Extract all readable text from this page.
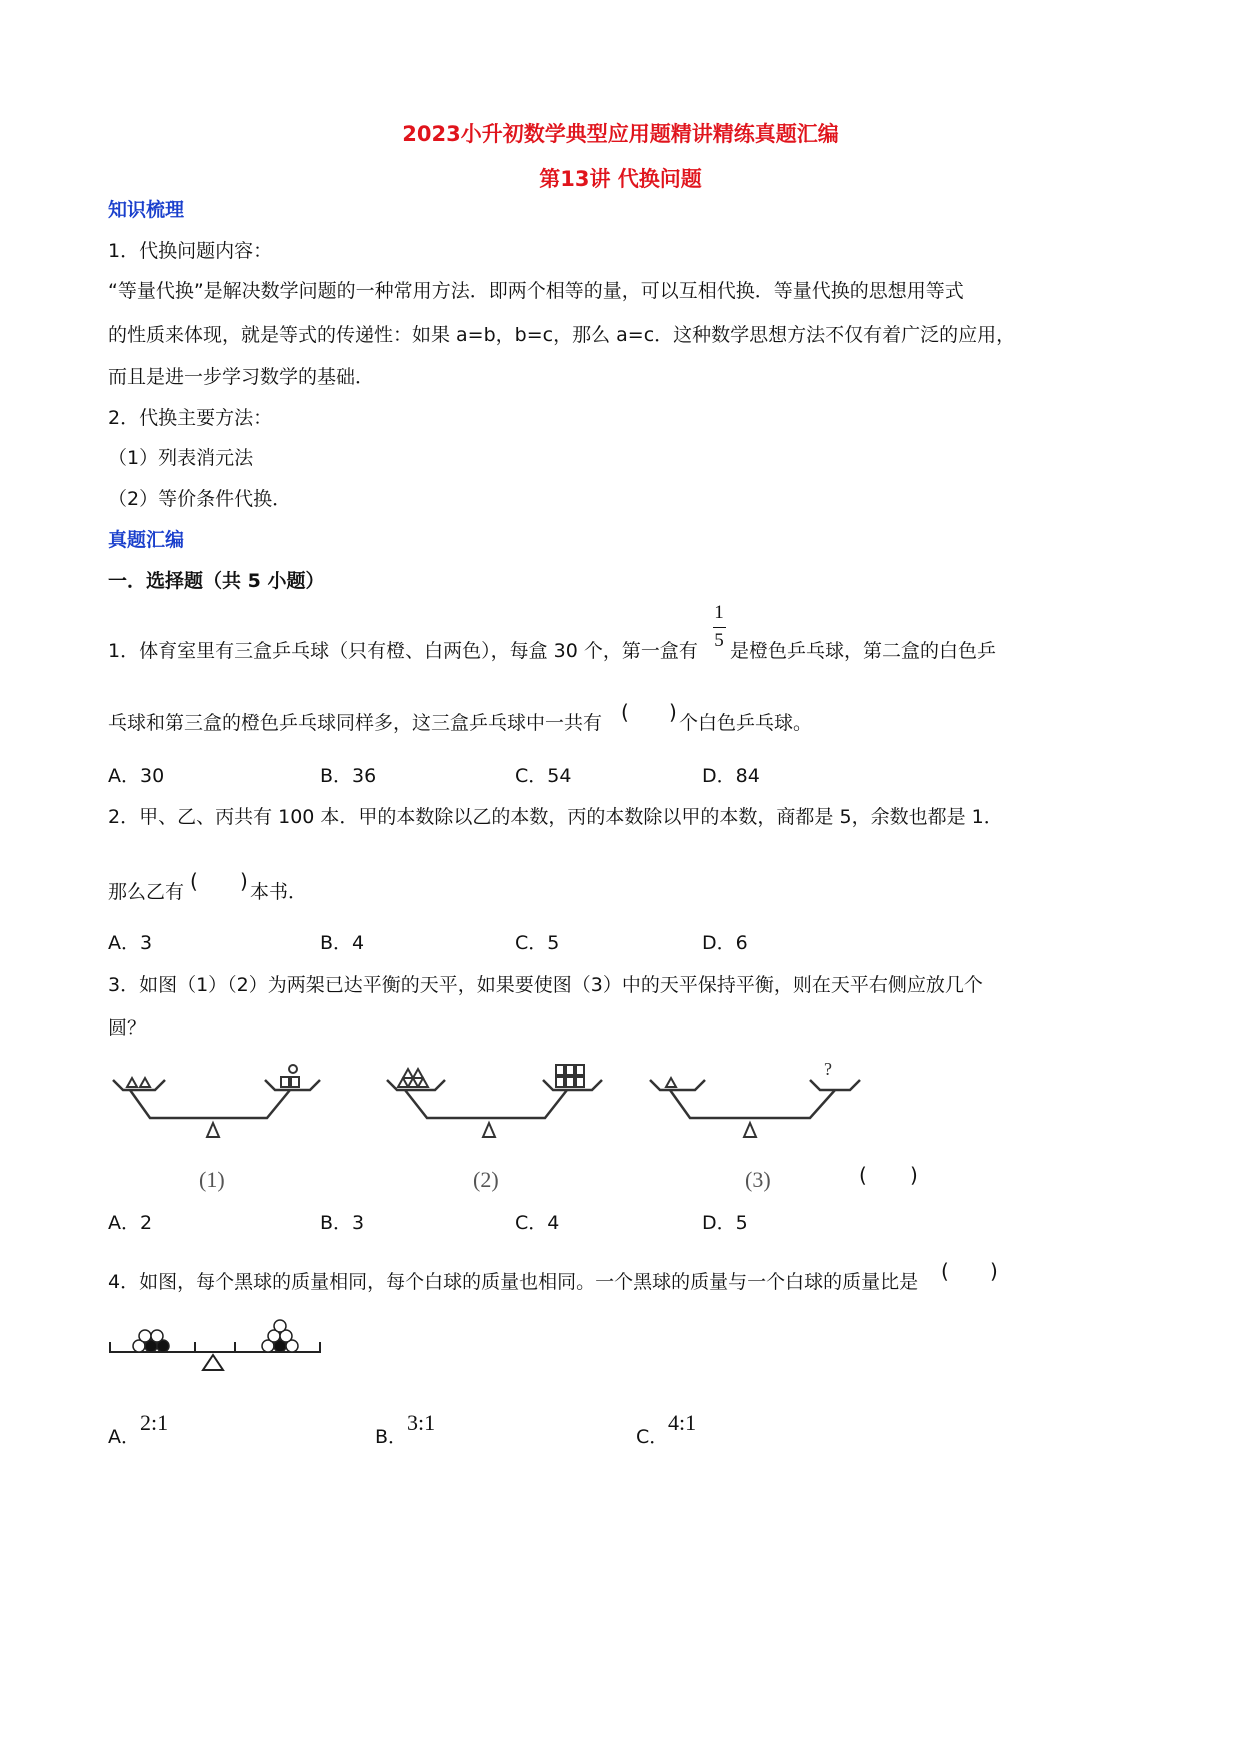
2023小升初数学典型应用题精讲精练真题汇编
第13讲 代换问题
知识梳理
1．代换问题内容：
“等量代换”是解决数学问题的一种常用方法．即两个相等的量，可以互相代换．等量代换的思想用等式
的性质来体现，就是等式的传递性：如果 a=b，b=c，那么 a=c．这种数学思想方法不仅有着广泛的应用，
而且是进一步学习数学的基础．
2．代换主要方法：
（1）列表消元法
（2）等价条件代换．
真题汇编
一．选择题（共 5 小题）
1．体育室里有三盒乒乓球（只有橙、白两色），每盒 30 个，第一盒有
1
5 是橙色乒乓球，第二盒的白色乒
乓球和第三盒的橙色乒乓球同样多，这三盒乒乓球中一共有 ( ) 个白色乒乓球。
A．30	B．36	C．54	D．84
2．甲、乙、丙共有 100 本．甲的本数除以乙的本数，丙的本数除以甲的本数，商都是 5，余数也都是 1．
那么乙有 ( ) 本书．
A．3	B．4	C．5	D．6
3．如图（1）（2）为两架已达平衡的天平，如果要使图（3）中的天平保持平衡，则在天平右侧应放几个
圆？
?
(1)	(2)	(3)	( )
A．2	B．3	C．4	D．5
4．如图，每个黑球的质量相同，每个白球的质量也相同。一个黑球的质量与一个白球的质量比是 ( )
A．
2:1
B．
3:1
C．
4:1
